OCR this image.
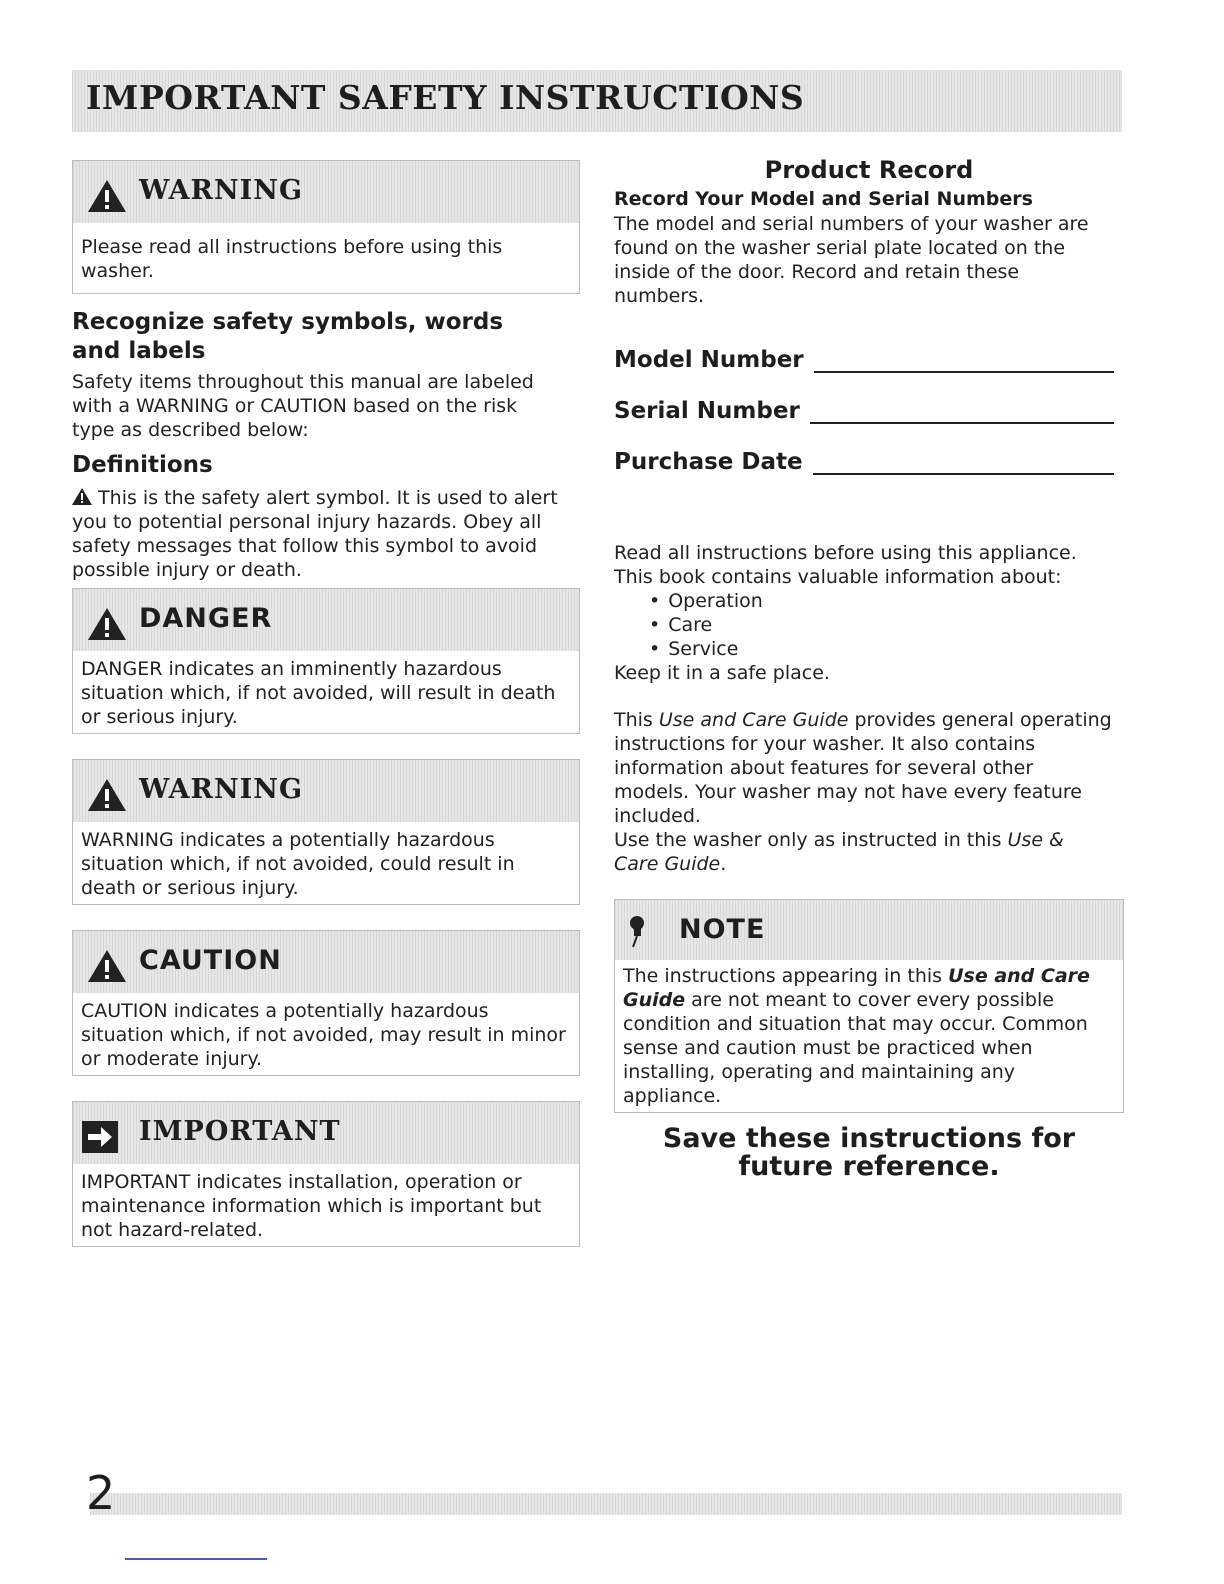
IMPORTANT SAFETY INSTRUCTIONS
WARNING
Please read all instructions before using this washer.
Recognize safety symbols, words and labels

Safety items throughout this manual are labeled with a WARNING or CAUTION based on the risk type as described below:

Definitions

This is the safety alert symbol. It is used to alert you to potential personal injury hazards. Obey all safety messages that follow this symbol to avoid possible injury or death.

DANGER
DANGER indicates an imminently hazardous situation which, if not avoided, will result in death or serious injury.
WARNING
WARNING indicates a potentially hazardous situation which, if not avoided, could result in death or serious injury.
CAUTION
CAUTION indicates a potentially hazardous situation which, if not avoided, may result in minor or moderate injury.
IMPORTANT
IMPORTANT indicates installation, operation or maintenance information which is important but not hazard-related.
Product Record
Record Your Model and Serial Numbers

The model and serial numbers of your washer are found on the washer serial plate located on the inside of the door. Record and retain these numbers.

Model Number
Serial Number
Purchase Date

Read all instructions before using this appliance. This book contains valuable information about:

• Operation
• Care
• Service

Keep it in a safe place.

This Use and Care Guide provides general operating instructions for your washer. It also contains information about features for several other models. Your washer may not have every feature included.

Use the washer only as instructed in this Use & Care Guide.

NOTE
The instructions appearing in this Use and Care Guide are not meant to cover every possible condition and situation that may occur. Common sense and caution must be practiced when installing, operating and maintaining any appliance.
Save these instructions for
future reference.
2
